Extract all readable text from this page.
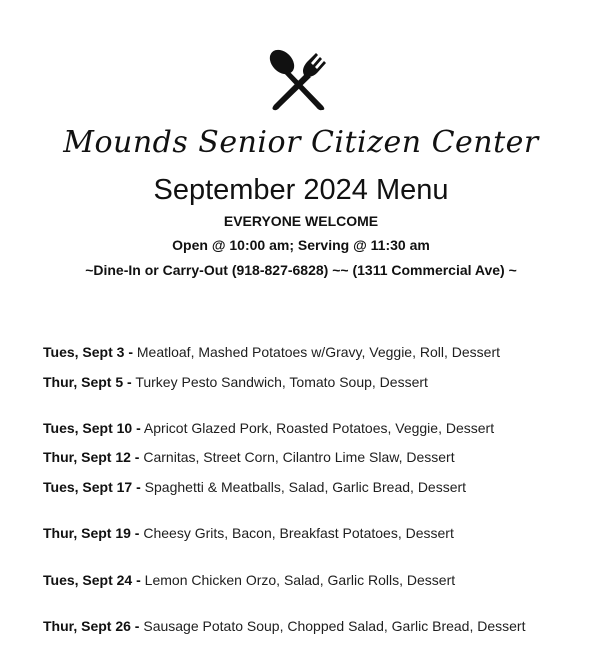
Mounds Senior Citizen Center
September 2024 Menu
EVERYONE WELCOME
Open @ 10:00 am; Serving @ 11:30 am
~Dine-In or Carry-Out (918-827-6828) ~~ (1311 Commercial Ave) ~
Tues, Sept 3 - Meatloaf, Mashed Potatoes w/Gravy, Veggie, Roll, Dessert
Thur, Sept 5 - Turkey Pesto Sandwich, Tomato Soup, Dessert
Tues, Sept 10 - Apricot Glazed Pork, Roasted Potatoes, Veggie, Dessert
Thur, Sept 12 - Carnitas, Street Corn, Cilantro Lime Slaw, Dessert
Tues, Sept 17 - Spaghetti & Meatballs, Salad, Garlic Bread, Dessert
Thur, Sept 19 - Cheesy Grits, Bacon, Breakfast Potatoes, Dessert
Tues, Sept 24 - Lemon Chicken Orzo, Salad, Garlic Rolls, Dessert
Thur, Sept 26 - Sausage Potato Soup, Chopped Salad, Garlic Bread, Dessert
